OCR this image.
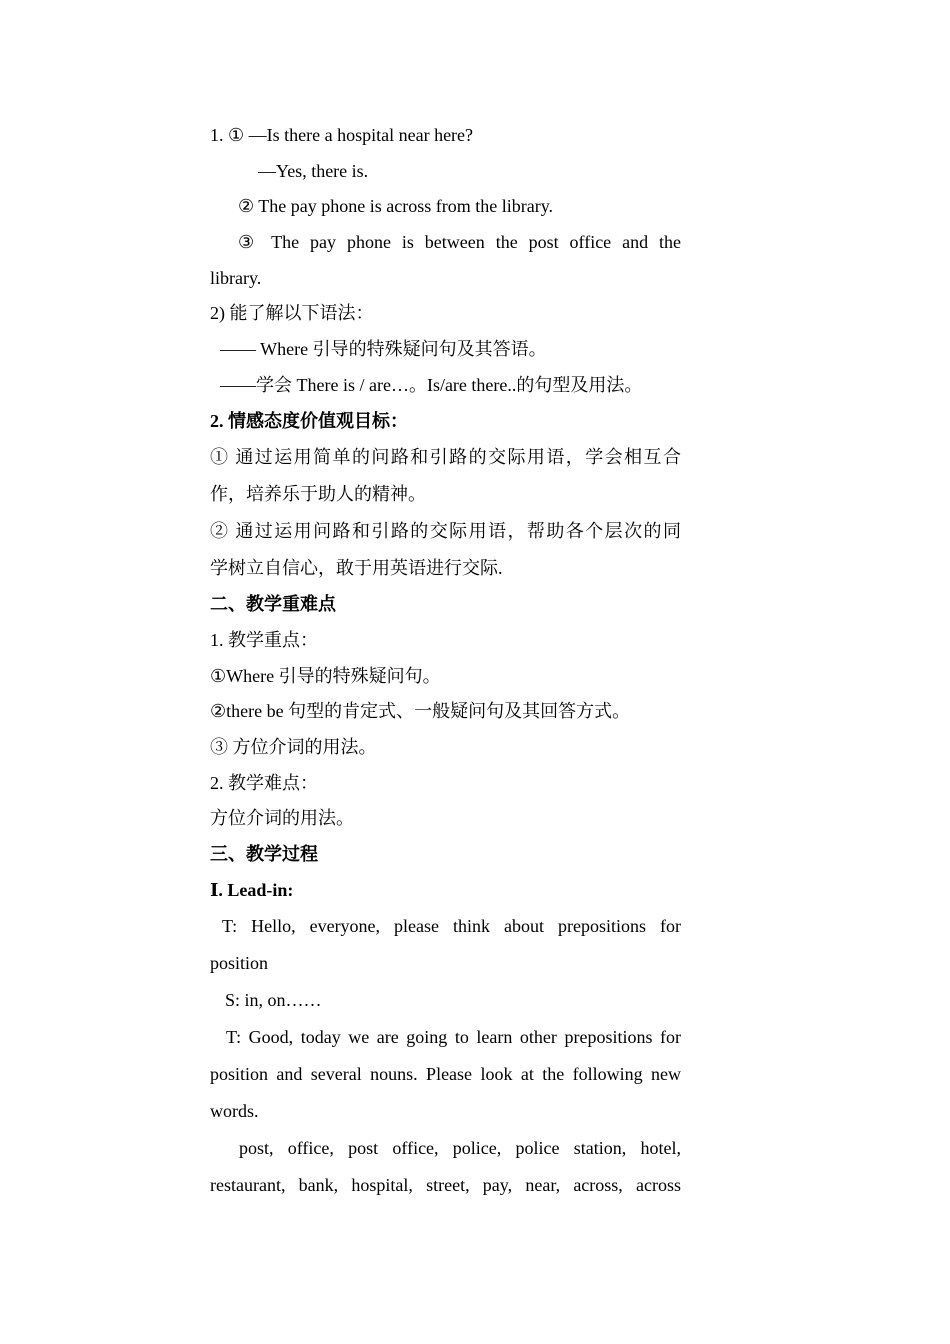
1. ① —Is there a hospital near here?
—Yes, there is.
② The pay phone is across from the library.
③ The pay phone is between the post office and the
library.
2) 能了解以下语法：
—— Where 引导的特殊疑问句及其答语。
——学会 There is / are…。Is/are there..的句型及用法。
2. 情感态度价值观目标：
① 通过运用简单的问路和引路的交际用语，学会相互合
作，培养乐于助人的精神。
② 通过运用问路和引路的交际用语，帮助各个层次的同
学树立自信心，敢于用英语进行交际.
二、教学重难点
1. 教学重点：
①Where 引导的特殊疑问句。
②there be 句型的肯定式、一般疑问句及其回答方式。
③ 方位介词的用法。
2. 教学难点：
方位介词的用法。
三、教学过程
Ⅰ. Lead-in:
T: Hello, everyone, please think about prepositions for
position
S: in, on……
T: Good, today we are going to learn other prepositions for
position and several nouns. Please look at the following new
words.
post, office, post office, police, police station, hotel,
restaurant, bank, hospital, street, pay, near, across, across
